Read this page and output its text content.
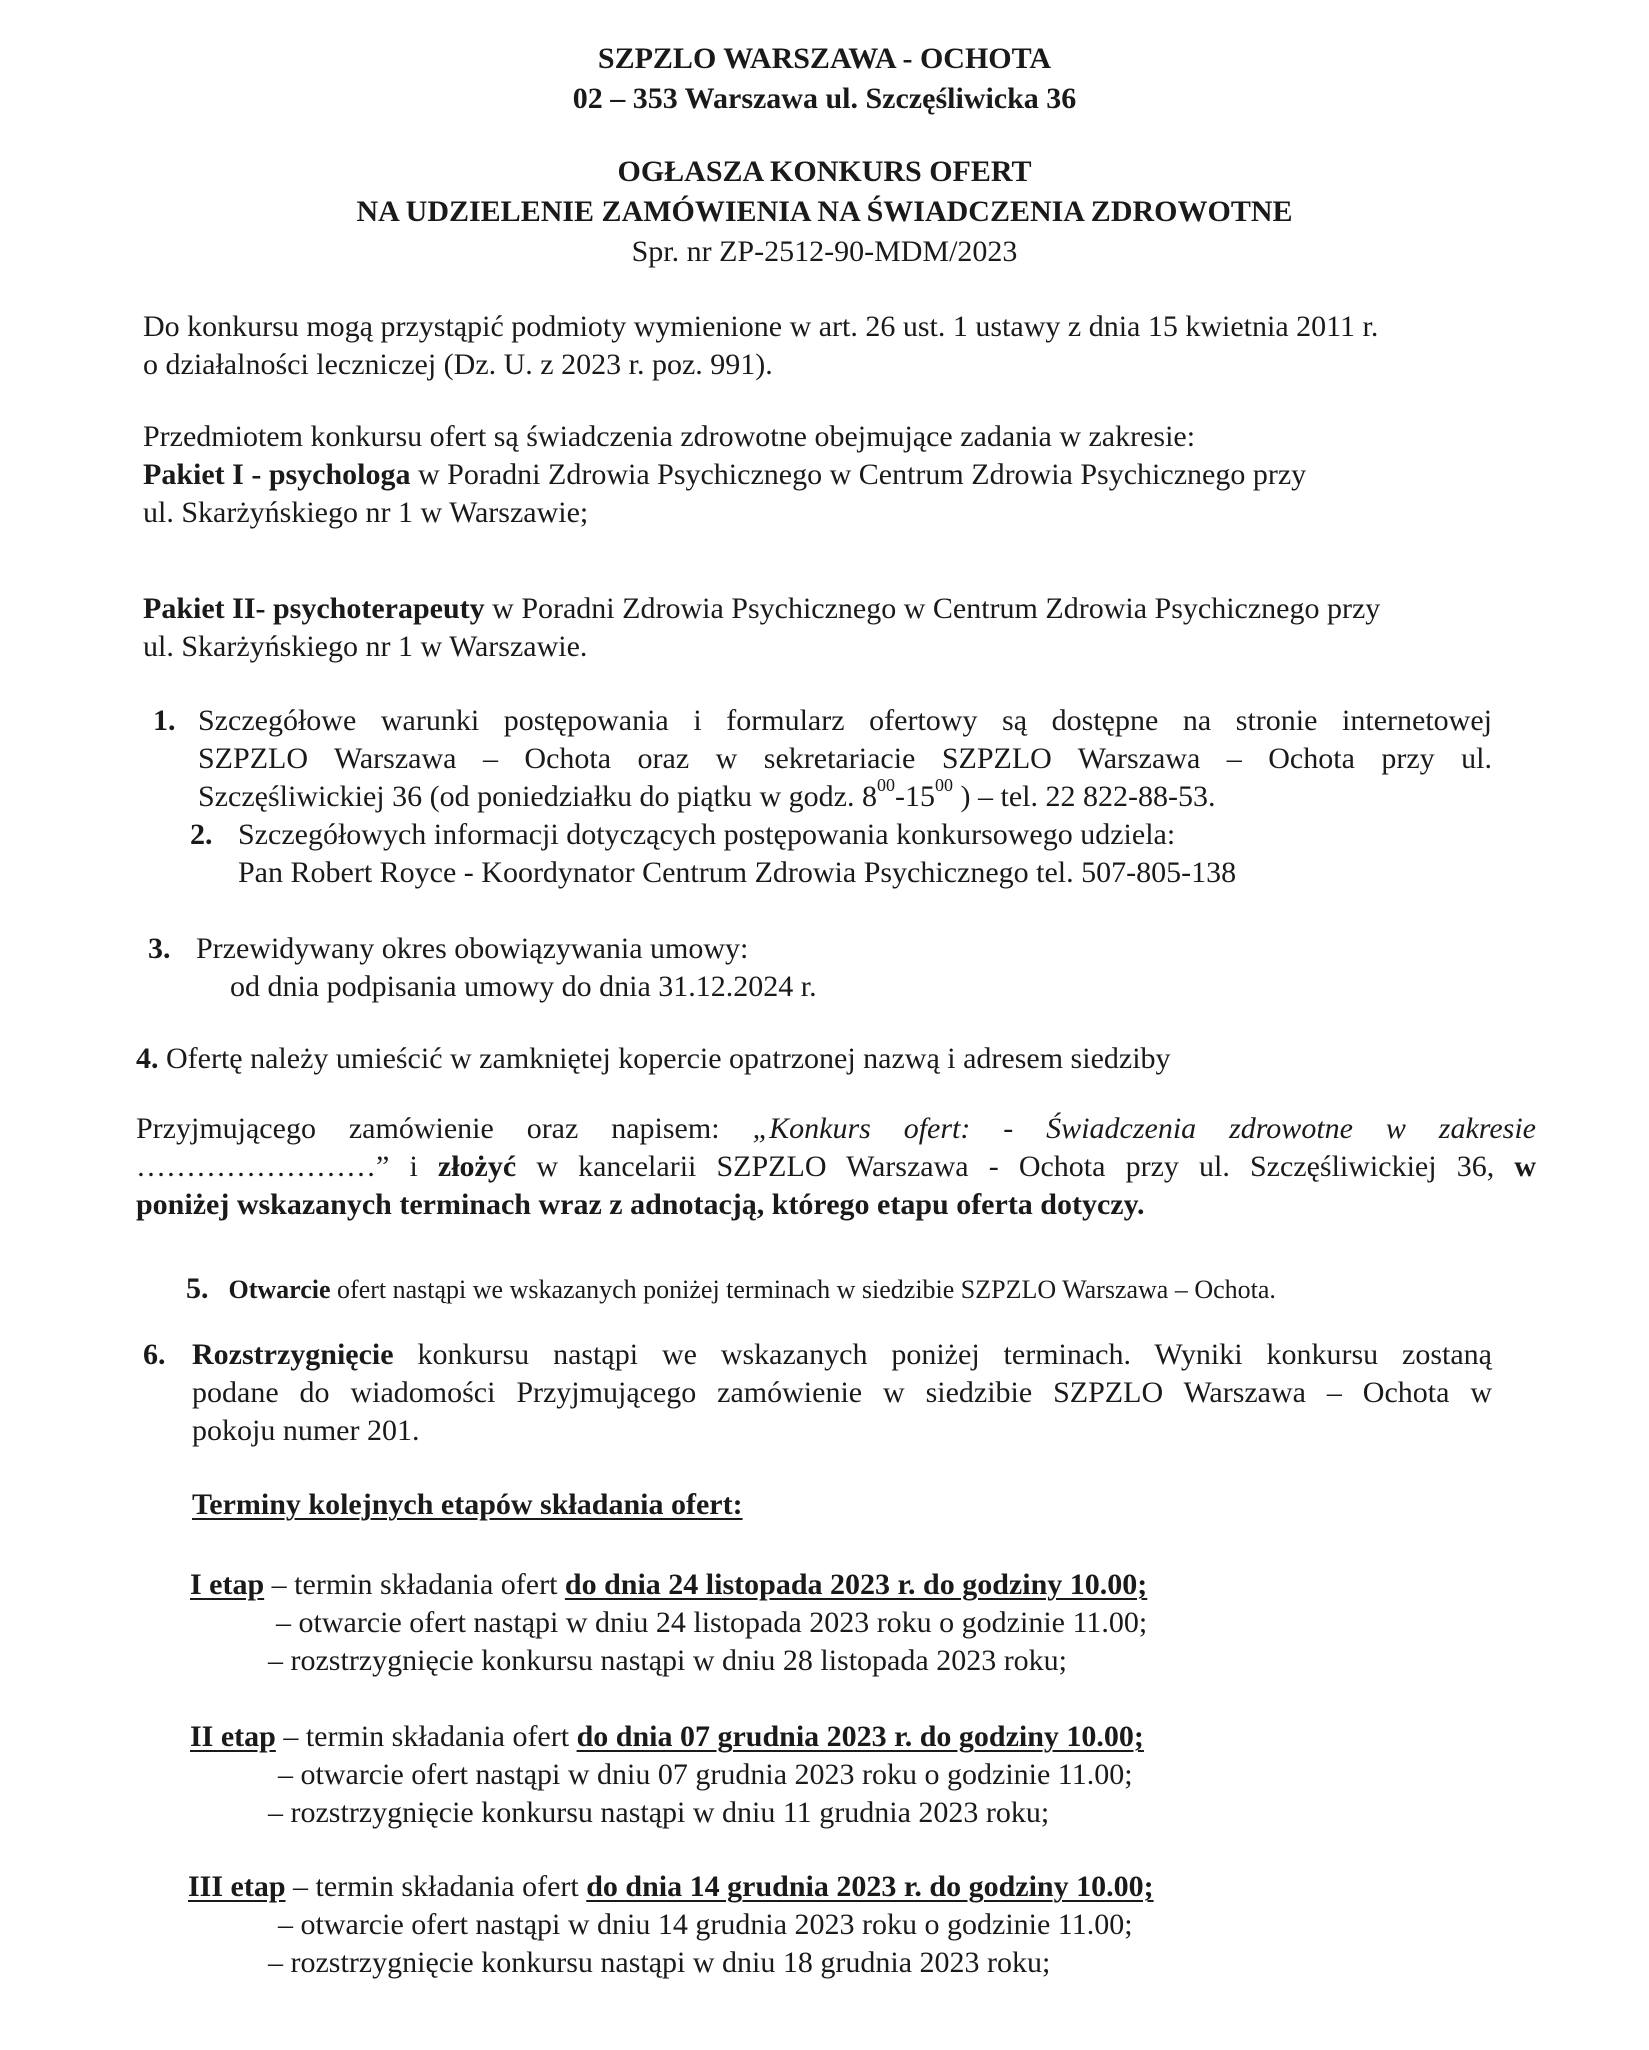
SZPZLO WARSZAWA - OCHOTA
02 – 353 Warszawa ul. Szczęśliwicka 36
OGŁASZA KONKURS OFERT
NA UDZIELENIE ZAMÓWIENIA NA ŚWIADCZENIA ZDROWOTNE
Spr. nr ZP-2512-90-MDM/2023
Do konkursu mogą przystąpić podmioty wymienione w art. 26 ust. 1 ustawy z dnia 15 kwietnia 2011 r.
o działalności leczniczej (Dz. U. z 2023 r. poz. 991).
Przedmiotem konkursu ofert są świadczenia zdrowotne obejmujące zadania w zakresie:
Pakiet I - psychologa w Poradni Zdrowia Psychicznego w Centrum Zdrowia Psychicznego przy
ul. Skarżyńskiego nr 1 w Warszawie;
Pakiet II- psychoterapeuty w Poradni Zdrowia Psychicznego w Centrum Zdrowia Psychicznego przy
ul. Skarżyńskiego nr 1 w Warszawie.
1. Szczegółowe warunki postępowania i formularz ofertowy są dostępne na stronie internetowej
SZPZLO Warszawa – Ochota oraz w sekretariacie SZPZLO Warszawa – Ochota przy ul.
Szczęśliwickiej 36 (od poniedziałku do piątku w godz. $8^{00}-15^{00}$ ) – tel. 22 822-88-53.
2. Szczegółowych informacji dotyczących postępowania konkursowego udziela:
Pan Robert Royce - Koordynator Centrum Zdrowia Psychicznego tel. 507-805-138
3. Przewidywany okres obowiązywania umowy:
od dnia podpisania umowy do dnia 31.12.2024 r.
4. Ofertę należy umieścić w zamkniętej kopercie opatrzonej nazwą i adresem siedziby
Przyjmującego zamówienie oraz napisem: „Konkurs ofert: - Świadczenia zdrowotne w zakresie
……………………” i złożyć w kancelarii SZPZLO Warszawa - Ochota przy ul. Szczęśliwickiej 36, w
poniżej wskazanych terminach wraz z adnotacją, którego etapu oferta dotyczy.
5. Otwarcie ofert nastąpi we wskazanych poniżej terminach w siedzibie SZPZLO Warszawa – Ochota.
6. Rozstrzygnięcie konkursu nastąpi we wskazanych poniżej terminach. Wyniki konkursu zostaną
podane do wiadomości Przyjmującego zamówienie w siedzibie SZPZLO Warszawa – Ochota w
pokoju numer 201.
Terminy kolejnych etapów składania ofert:
I etap – termin składania ofert do dnia 24 listopada 2023 r. do godziny 10.00;
– otwarcie ofert nastąpi w dniu 24 listopada 2023 roku o godzinie 11.00;
– rozstrzygnięcie konkursu nastąpi w dniu 28 listopada 2023 roku;
II etap – termin składania ofert do dnia 07 grudnia 2023 r. do godziny 10.00;
– otwarcie ofert nastąpi w dniu 07 grudnia 2023 roku o godzinie 11.00;
– rozstrzygnięcie konkursu nastąpi w dniu 11 grudnia 2023 roku;
III etap – termin składania ofert do dnia 14 grudnia 2023 r. do godziny 10.00;
– otwarcie ofert nastąpi w dniu 14 grudnia 2023 roku o godzinie 11.00;
– rozstrzygnięcie konkursu nastąpi w dniu 18 grudnia 2023 roku;
